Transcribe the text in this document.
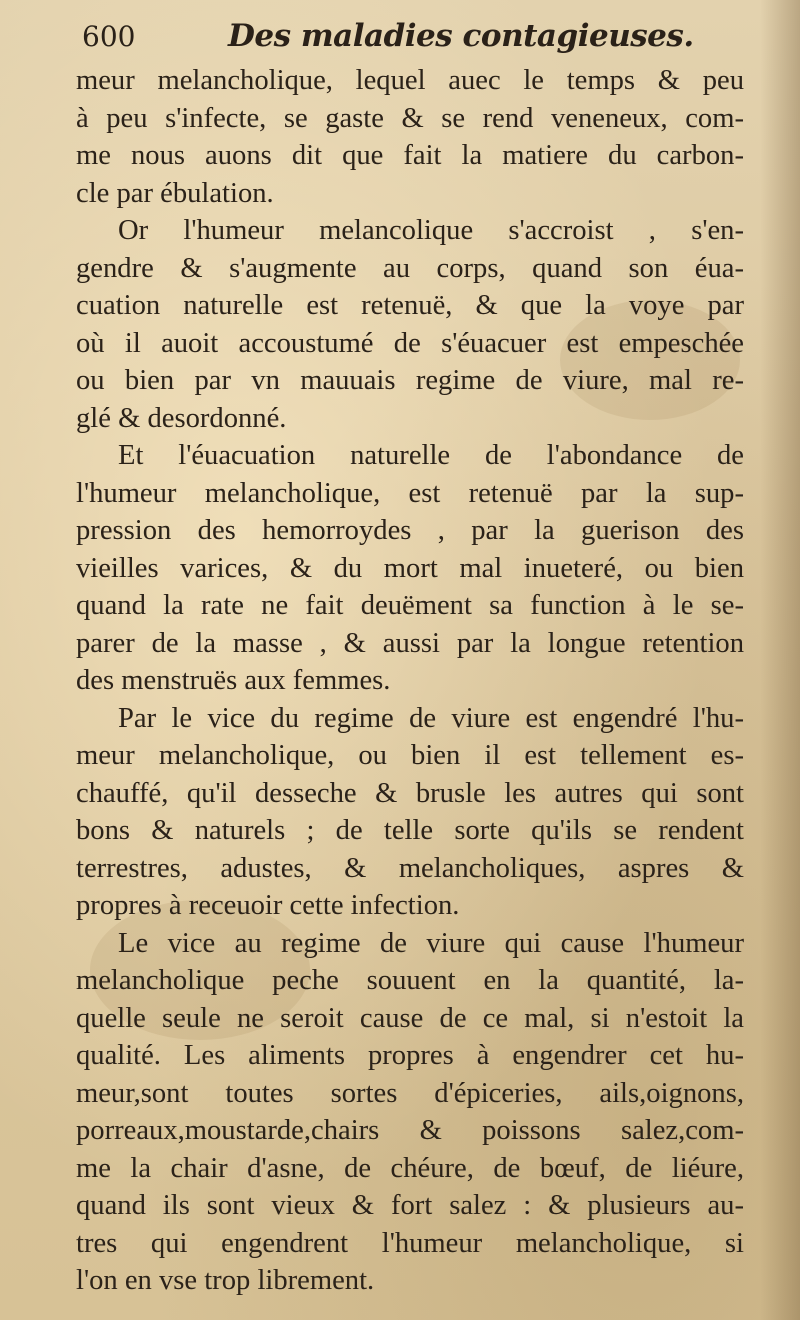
600	Des maladies contagieuses.
meur melancholique, lequel auec le temps & peu
à peu s'infecte, se gaste & se rend veneneux, com-
me nous auons dit que fait la matiere du carbon-
cle par ébulation.
Or l'humeur melancolique s'accroist , s'en-
gendre & s'augmente au corps, quand son éua-
cuation naturelle est retenuë, & que la voye par
où il auoit accoustumé de s'éuacuer est empeschée
ou bien par vn mauuais regime de viure, mal re-
glé & desordonné.
Et l'éuacuation naturelle de l'abondance de
l'humeur melancholique, est retenuë par la sup-
pression des hemorroydes , par la guerison des
vieilles varices, & du mort mal inueteré, ou bien
quand la rate ne fait deuëment sa function à le se-
parer de la masse , & aussi par la longue retention
des menstruës aux femmes.
Par le vice du regime de viure est engendré l'hu-
meur melancholique, ou bien il est tellement es-
chauffé, qu'il desseche & brusle les autres qui sont
bons & naturels ; de telle sorte qu'ils se rendent
terrestres, adustes, & melancholiques, aspres &
propres à receuoir cette infection.
Le vice au regime de viure qui cause l'humeur
melancholique peche souuent en la quantité, la-
quelle seule ne seroit cause de ce mal, si n'estoit la
qualité. Les aliments propres à engendrer cet hu-
meur,sont toutes sortes d'épiceries, ails,oignons,
porreaux,moustarde,chairs & poissons salez,com-
me la chair d'asne, de chéure, de bœuf, de liéure,
quand ils sont vieux & fort salez : & plusieurs au-
tres qui engendrent l'humeur melancholique, si
l'on en vse trop librement.
